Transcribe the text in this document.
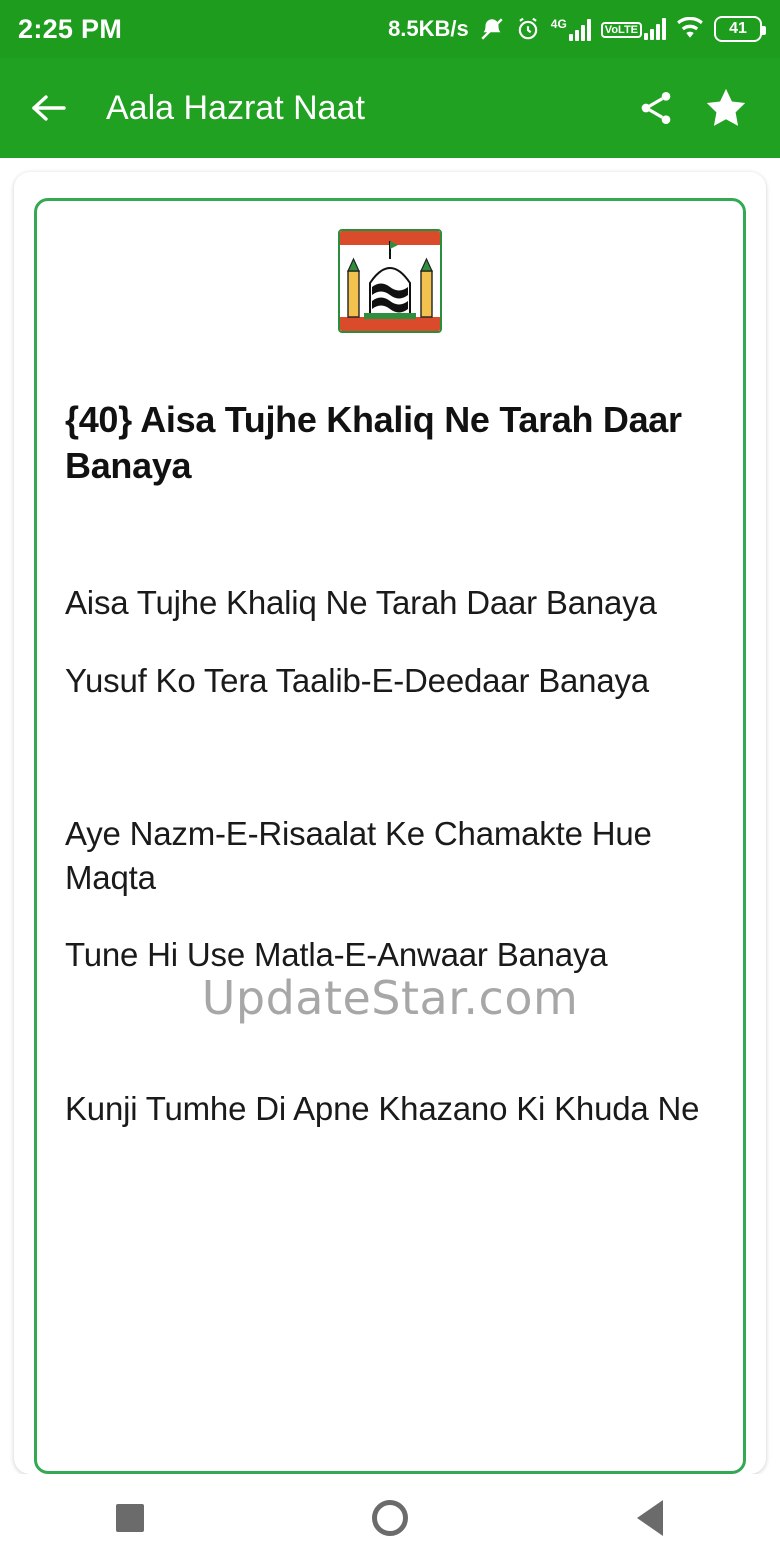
2:25 PM	8.5KB/s	4G	VoLTE	41
Aala Hazrat Naat
{40} Aisa Tujhe Khaliq Ne Tarah Daar Banaya
Aisa Tujhe Khaliq Ne Tarah Daar Banaya
Yusuf Ko Tera Taalib-E-Deedaar Banaya
Aye Nazm-E-Risaalat Ke Chamakte Hue Maqta
Tune Hi Use Matla-E-Anwaar Banaya
Kunji Tumhe Di Apne Khazano Ki Khuda Ne
UpdateStar.com
